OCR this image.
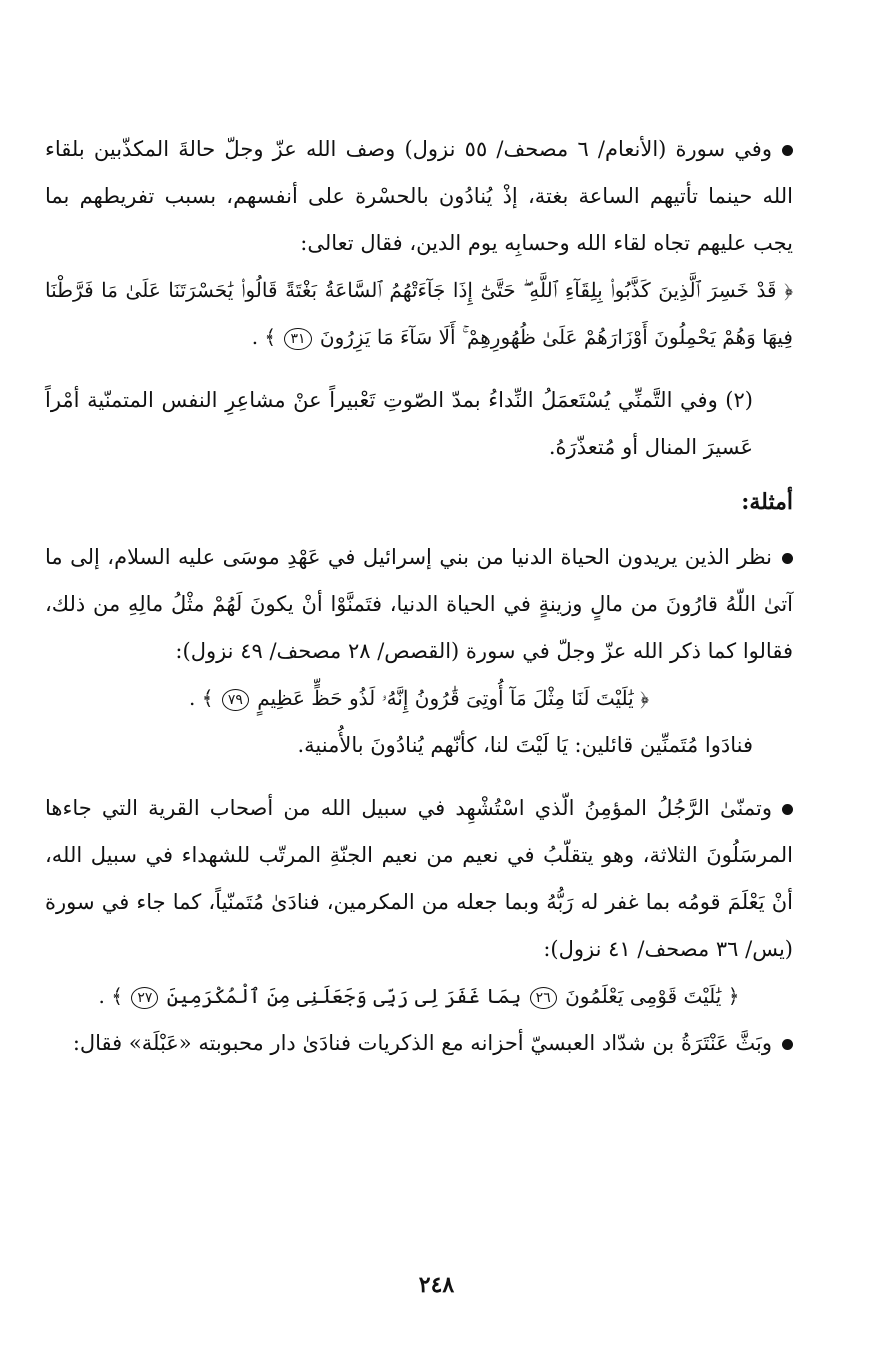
وفي سورة (الأنعام/ ٦ مصحف/ ٥٥ نزول) وصف الله عزّ وجلّ حالةَ المكذّبين بلقاء الله حينما تأتيهم الساعة بغتة، إذْ يُنادُون بالحسْرة على أنفسهم، بسبب تفريطهم بما يجب عليهم تجاه لقاء الله وحسابِه يوم الدين، فقال تعالى:

﴿ قَدْ خَسِرَ ٱلَّذِينَ كَذَّبُوا۟ بِلِقَآءِ ٱللَّهِ ۖ حَتَّىٰٓ إِذَا جَآءَتْهُمُ ٱلسَّاعَةُ بَغْتَةً قَالُوا۟ يَٰحَسْرَتَنَا عَلَىٰ مَا فَرَّطْنَا فِيهَا وَهُمْ يَحْمِلُونَ أَوْزَارَهُمْ عَلَىٰ ظُهُورِهِمْ ۚ أَلَا سَآءَ مَا يَزِرُونَ ٣١ ﴾ .

(٢) وفي التَّمنِّي يُسْتَعمَلُ النِّداءُ بمدّ الصّوتِ تَعْبيراً عنْ مشاعِرِ النفس المتمنّية أمْراً عَسيرَ المنال أو مُتعذّرَهُ.

أمثلة:

نظر الذين يريدون الحياة الدنيا من بني إسرائيل في عَهْدِ موسَى عليه السلام، إلى ما آتىٰ اللّهُ قارُونَ من مالٍ وزينةٍ في الحياة الدنيا، فتَمنَّوْا أنْ يكونَ لَهُمْ مثْلُ مالِهِ من ذلك، فقالوا كما ذكر الله عزّ وجلّ في سورة (القصص/ ٢٨ مصحف/ ٤٩ نزول):

﴿ يَٰلَيْتَ لَنَا مِثْلَ مَآ أُوتِىَ قَٰرُونُ إِنَّهُۥ لَذُو حَظٍّ عَظِيمٍ ٧٩ ﴾ .

فنادَوا مُتَمنِّين قائلين: يَا لَيْتَ لنا، كأنّهم يُنادُونَ بالأُمنية.

وتمنّىٰ الرَّجُلُ المؤمِنُ الّذي اسْتُشْهِد في سبيل الله من أصحاب القرية التي جاءها المرسَلُونَ الثلاثة، وهو يتقلّبُ في نعيم من نعيم الجنّةِ المرتّب للشهداء في سبيل الله، أنْ يَعْلَمَ قومُه بما غفر له رَبُّهُ وبما جعله من المكرمين، فنادَىٰ مُتَمنّياً، كما جاء في سورة (يس/ ٣٦ مصحف/ ٤١ نزول):

﴿ يَٰلَيْتَ قَوْمِى يَعْلَمُونَ ٢٦ بِمَا غَفَرَ لِى رَبِّى وَجَعَلَنِى مِنَ ٱلْمُكْرَمِينَ ٢٧ ﴾ .

وبَثَّ عَنْتَرَةُ بن شدّاد العبسيّ أحزانه مع الذكريات فنادَىٰ دار محبوبته «عَبْلَة» فقال:

٢٤٨
